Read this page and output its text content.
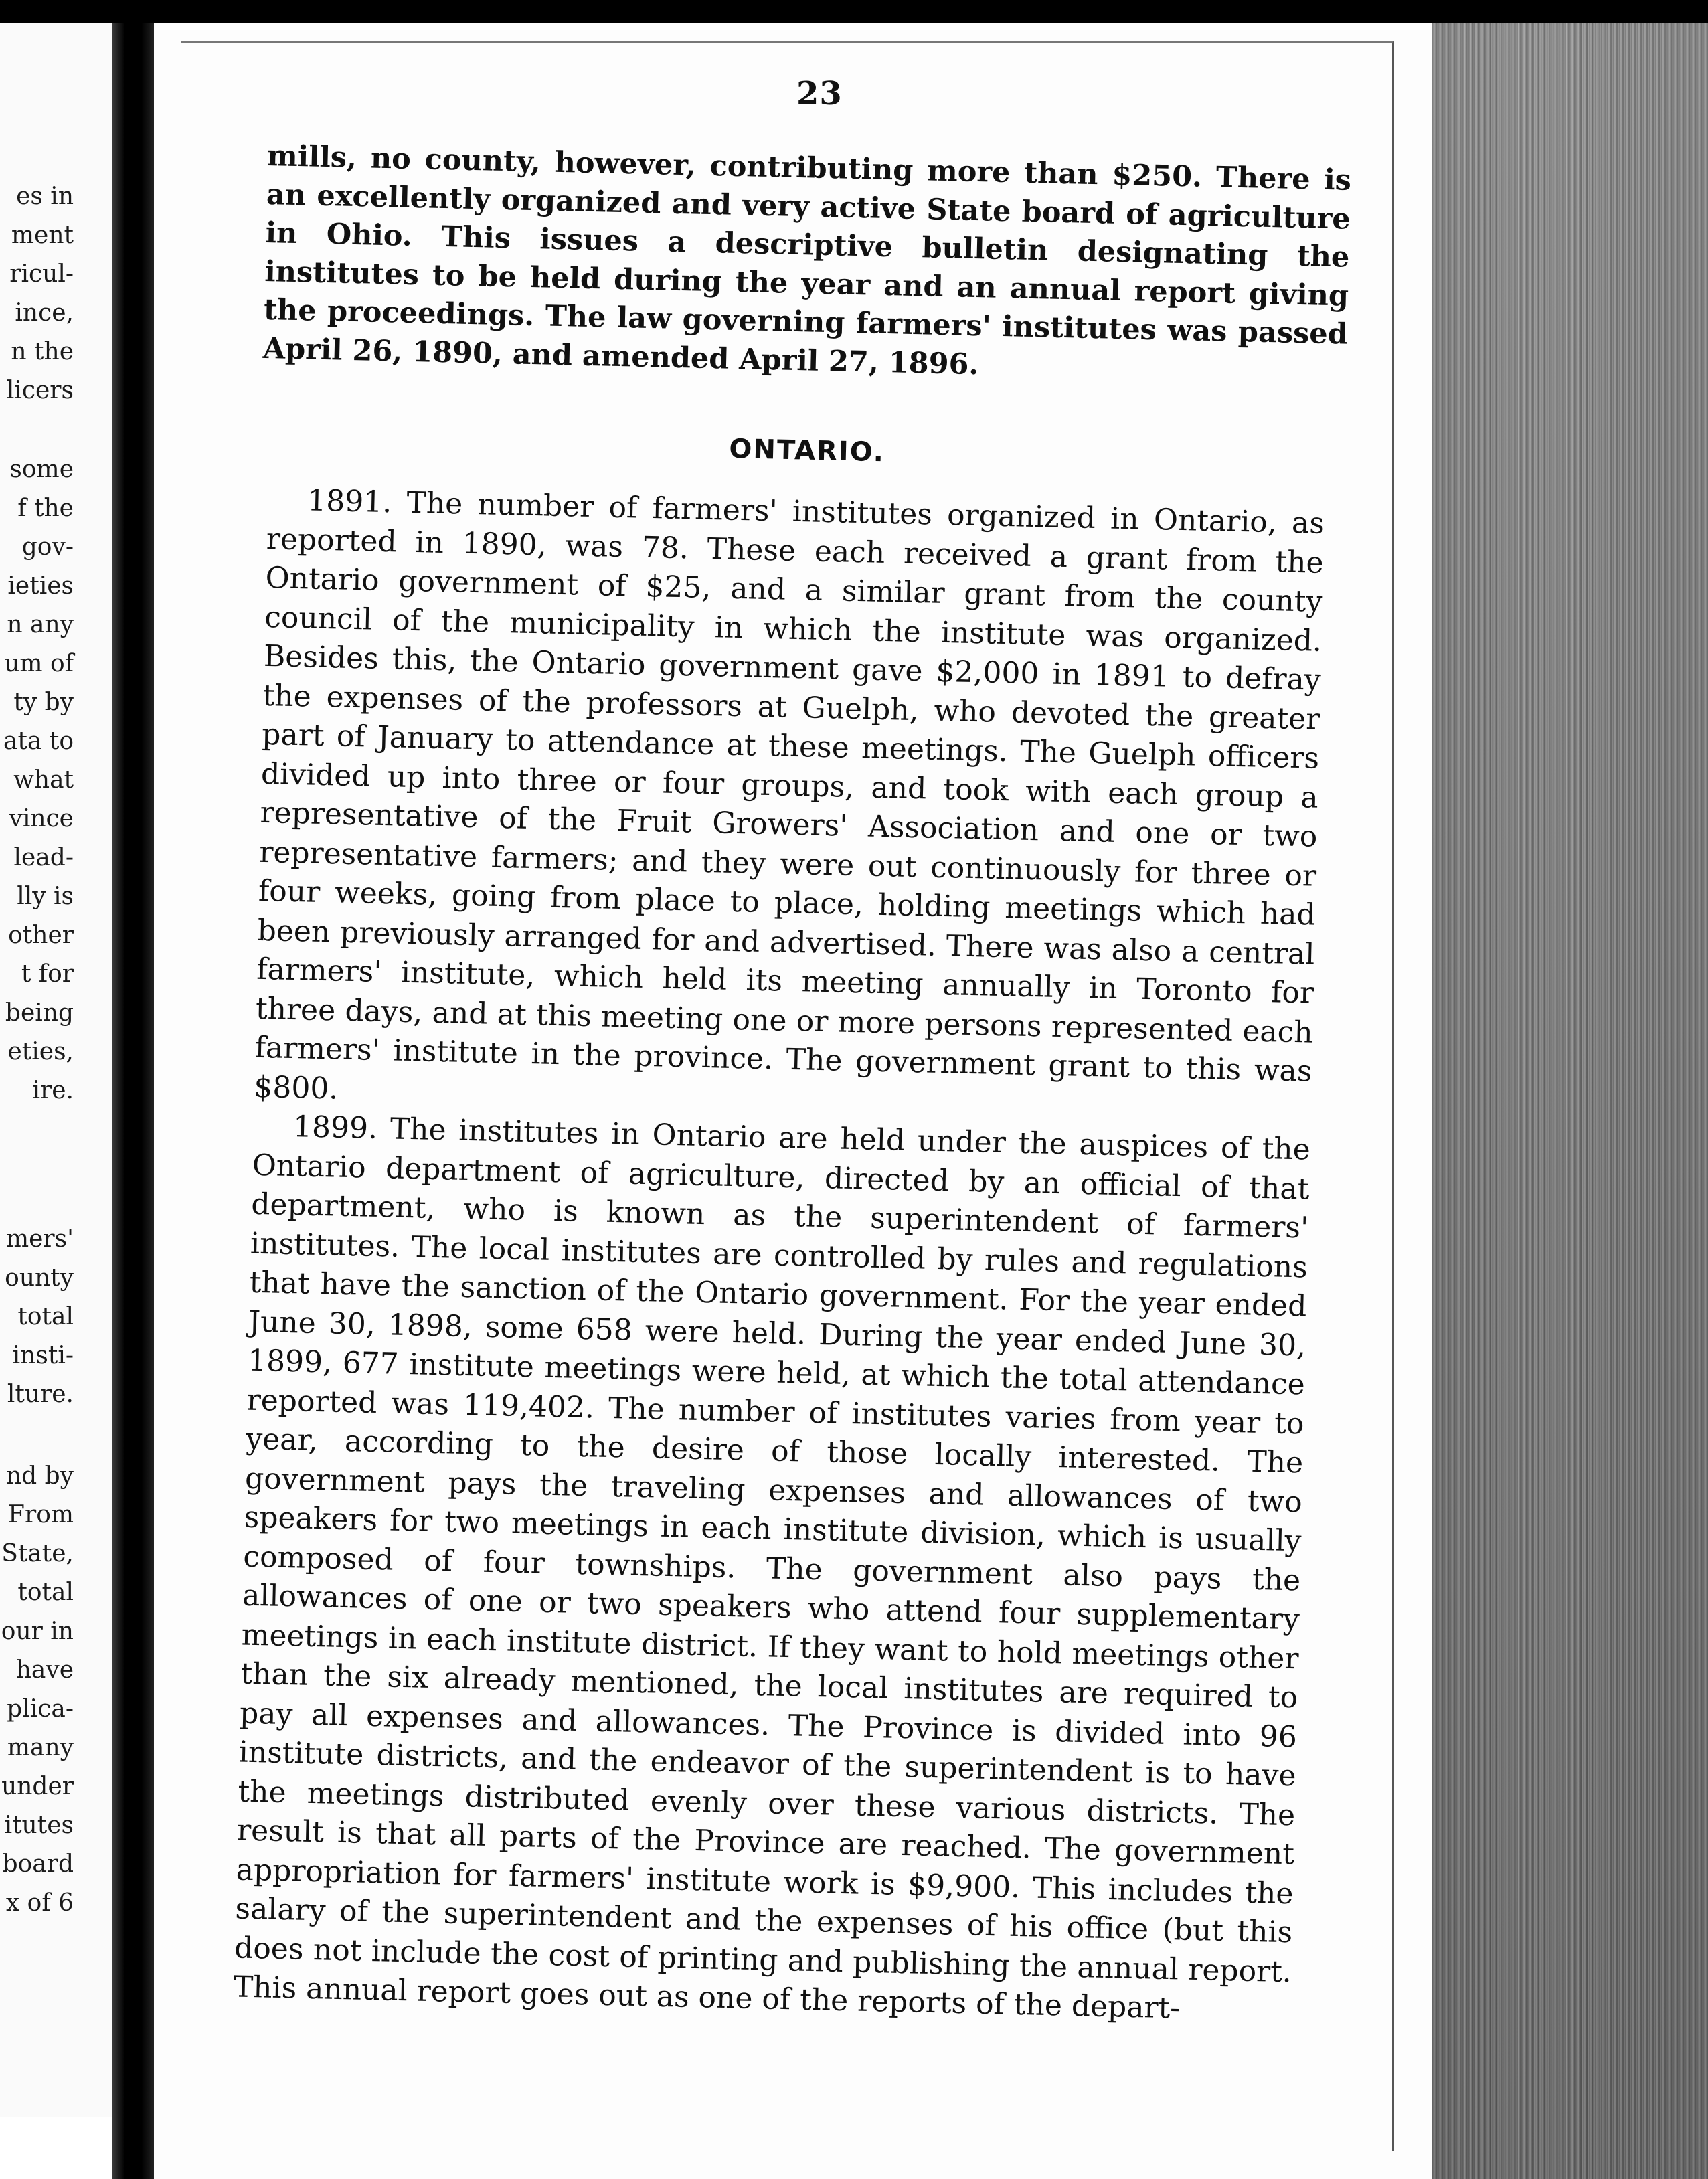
es in
ment
ricul-
ince,
n the
licers
some
f the
gov-
ieties
n any
um of
ty by
ata to
what
vince
lead-
lly is
other
t for
being
eties,
ire.
mers'
ounty
total
insti-
lture.
nd by
From
State,
total
our in
have
plica-
many
under
itutes
board
x of 6
23

mills, no county, however, contributing more than $250. There is an excellently organized and very active State board of agriculture in Ohio. This issues a descriptive bulletin designating the institutes to be held during the year and an annual report giving the proceedings. The law governing farmers' institutes was passed April 26, 1890, and amended April 27, 1896.

ONTARIO.

1891. The number of farmers' institutes organized in Ontario, as reported in 1890, was 78. These each received a grant from the Ontario government of $25, and a similar grant from the county council of the municipality in which the institute was organized. Besides this, the Ontario government gave $2,000 in 1891 to defray the expenses of the professors at Guelph, who devoted the greater part of January to attendance at these meetings. The Guelph officers divided up into three or four groups, and took with each group a representative of the Fruit Growers' Association and one or two representative farmers; and they were out continuously for three or four weeks, going from place to place, holding meetings which had been previously arranged for and advertised. There was also a central farmers' institute, which held its meeting annually in Toronto for three days, and at this meeting one or more persons represented each farmers' institute in the province. The government grant to this was $800.

1899. The institutes in Ontario are held under the auspices of the Ontario department of agriculture, directed by an official of that department, who is known as the superintendent of farmers' institutes. The local institutes are controlled by rules and regulations that have the sanction of the Ontario government. For the year ended June 30, 1898, some 658 were held. During the year ended June 30, 1899, 677 institute meetings were held, at which the total attendance reported was 119,402. The number of institutes varies from year to year, according to the desire of those locally interested. The government pays the traveling expenses and allowances of two speakers for two meetings in each institute division, which is usually composed of four townships. The government also pays the allowances of one or two speakers who attend four supplementary meetings in each institute district. If they want to hold meetings other than the six already mentioned, the local institutes are required to pay all expenses and allowances. The Province is divided into 96 institute districts, and the endeavor of the superintendent is to have the meetings distributed evenly over these various districts. The result is that all parts of the Province are reached. The government appropriation for farmers' institute work is $9,900. This includes the salary of the superintendent and the expenses of his office (but this does not include the cost of printing and publishing the annual report. This annual report goes out as one of the reports of the depart-
